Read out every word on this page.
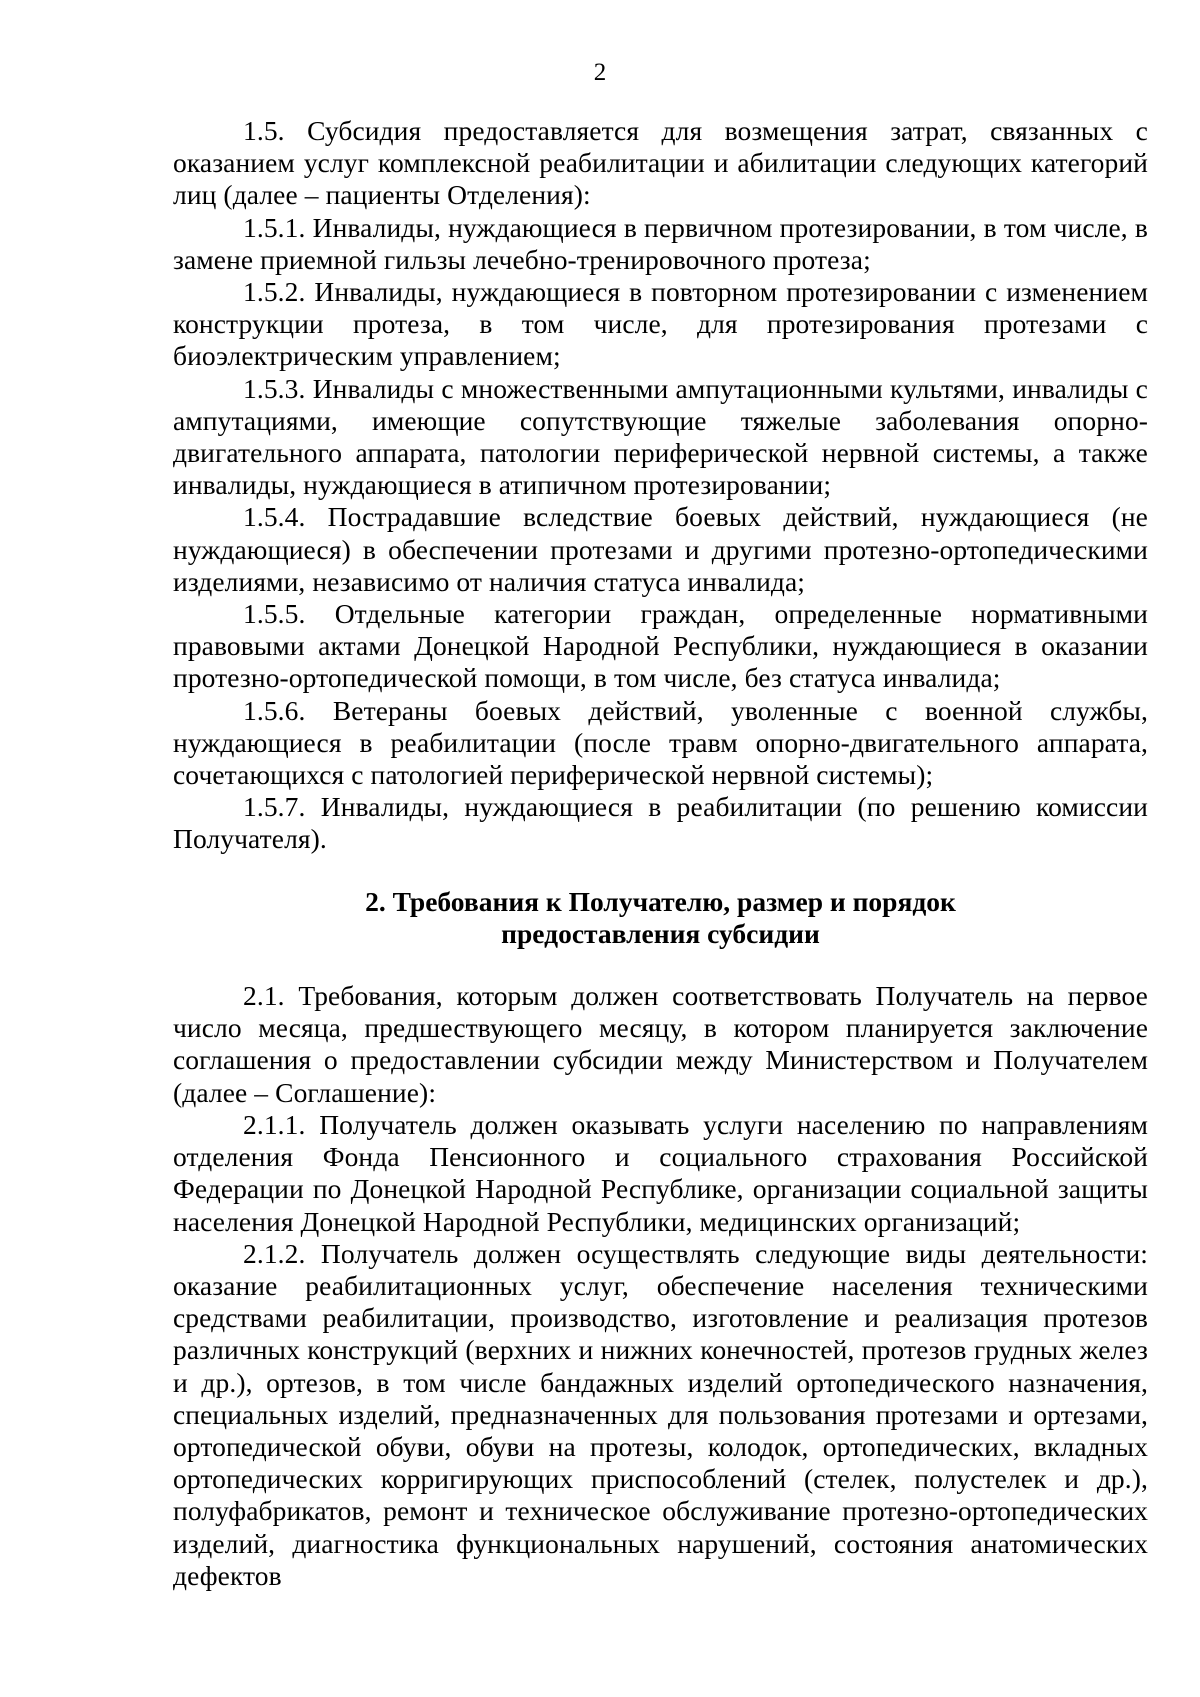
2

1.5. Субсидия предоставляется для возмещения затрат, связанных с оказанием услуг комплексной реабилитации и абилитации следующих категорий лиц (далее – пациенты Отделения):

1.5.1. Инвалиды, нуждающиеся в первичном протезировании, в том числе, в замене приемной гильзы лечебно-тренировочного протеза;

1.5.2. Инвалиды, нуждающиеся в повторном протезировании с изменением конструкции протеза, в том числе, для протезирования протезами с биоэлектрическим управлением;

1.5.3. Инвалиды с множественными ампутационными культями, инвалиды с ампутациями, имеющие сопутствующие тяжелые заболевания опорно-двигательного аппарата, патологии периферической нервной системы, а также инвалиды, нуждающиеся в атипичном протезировании;

1.5.4. Пострадавшие вследствие боевых действий, нуждающиеся (не нуждающиеся) в обеспечении протезами и другими протезно-ортопедическими изделиями, независимо от наличия статуса инвалида;

1.5.5. Отдельные категории граждан, определенные нормативными правовыми актами Донецкой Народной Республики, нуждающиеся в оказании протезно-ортопедической помощи, в том числе, без статуса инвалида;

1.5.6. Ветераны боевых действий, уволенные с военной службы, нуждающиеся в реабилитации (после травм опорно-двигательного аппарата, сочетающихся с патологией периферической нервной системы);

1.5.7. Инвалиды, нуждающиеся в реабилитации (по решению комиссии Получателя).

2. Требования к Получателю, размер и порядок

предоставления субсидии

2.1. Требования, которым должен соответствовать Получатель на первое число месяца, предшествующего месяцу, в котором планируется заключение соглашения о предоставлении субсидии между Министерством и Получателем (далее – Соглашение):

2.1.1. Получатель должен оказывать услуги населению по направлениям отделения Фонда Пенсионного и социального страхования Российской Федерации по Донецкой Народной Республике, организации социальной защиты населения Донецкой Народной Республики, медицинских организаций;

2.1.2. Получатель должен осуществлять следующие виды деятельности: оказание реабилитационных услуг, обеспечение населения техническими средствами реабилитации, производство, изготовление и реализация протезов различных конструкций (верхних и нижних конечностей, протезов грудных желез и др.), ортезов, в том числе бандажных изделий ортопедического назначения, специальных изделий, предназначенных для пользования протезами и ортезами, ортопедической обуви, обуви на протезы, колодок, ортопедических, вкладных ортопедических корригирующих приспособлений (стелек, полустелек и др.), полуфабрикатов, ремонт и техническое обслуживание протезно-ортопедических изделий, диагностика функциональных нарушений, состояния анатомических дефектов
